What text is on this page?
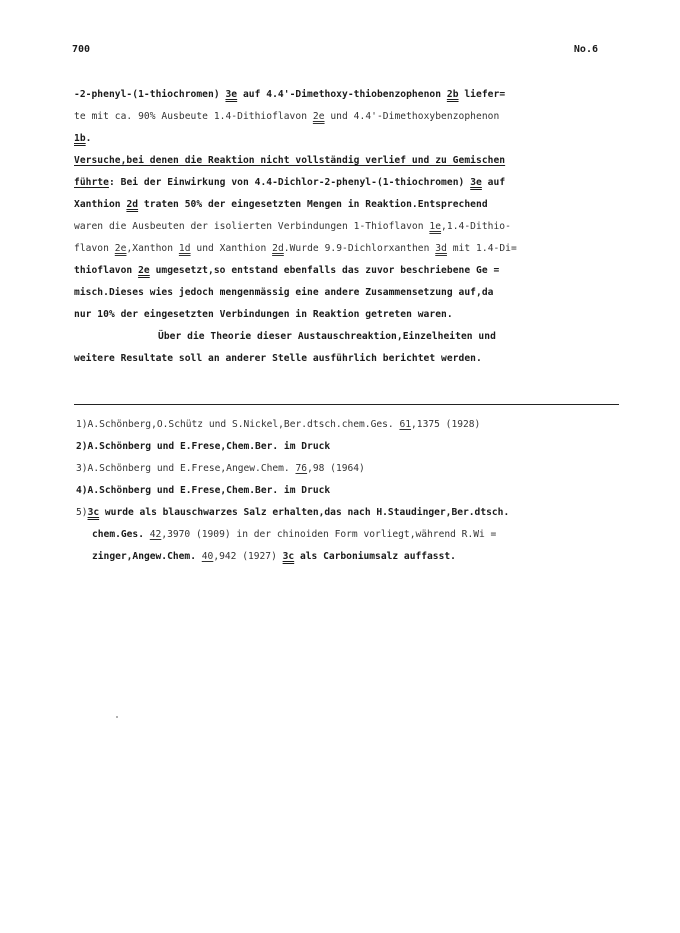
700	No.6
-2-phenyl-(1-thiochromen) 3e auf 4.4'-Dimethoxy-thiobenzophenon 2b liefer=
te mit ca. 90% Ausbeute 1.4-Dithioflavon 2e und 4.4'-Dimethoxybenzophenon
1b.
Versuche,bei denen die Reaktion nicht vollständig verlief und zu Gemischen
führte: Bei der Einwirkung von 4.4-Dichlor-2-phenyl-(1-thiochromen) 3e auf
Xanthion 2d traten 50% der eingesetzten Mengen in Reaktion.Entsprechend
waren die Ausbeuten der isolierten Verbindungen 1-Thioflavon 1e,1.4-Dithio-
flavon 2e,Xanthon 1d und Xanthion 2d.Wurde 9.9-Dichlorxanthen 3d mit 1.4-Di=
thioflavon 2e umgesetzt,so entstand ebenfalls das zuvor beschriebene Ge =
misch.Dieses wies jedoch mengenmässig eine andere Zusammensetzung auf,da
nur 10% der eingesetzten Verbindungen in Reaktion getreten waren.
Über die Theorie dieser Austauschreaktion,Einzelheiten und
weitere Resultate soll an anderer Stelle ausführlich berichtet werden.
1)A.Schönberg,O.Schütz und S.Nickel,Ber.dtsch.chem.Ges. 61,1375 (1928)
2)A.Schönberg und E.Frese,Chem.Ber. im Druck
3)A.Schönberg und E.Frese,Angew.Chem. 76,98 (1964)
4)A.Schönberg und E.Frese,Chem.Ber. im Druck
5)3c wurde als blauschwarzes Salz erhalten,das nach H.Staudinger,Ber.dtsch.
chem.Ges. 42,3970 (1909) in der chinoiden Form vorliegt,während R.Wi =
zinger,Angew.Chem. 40,942 (1927) 3c als Carboniumsalz auffasst.
